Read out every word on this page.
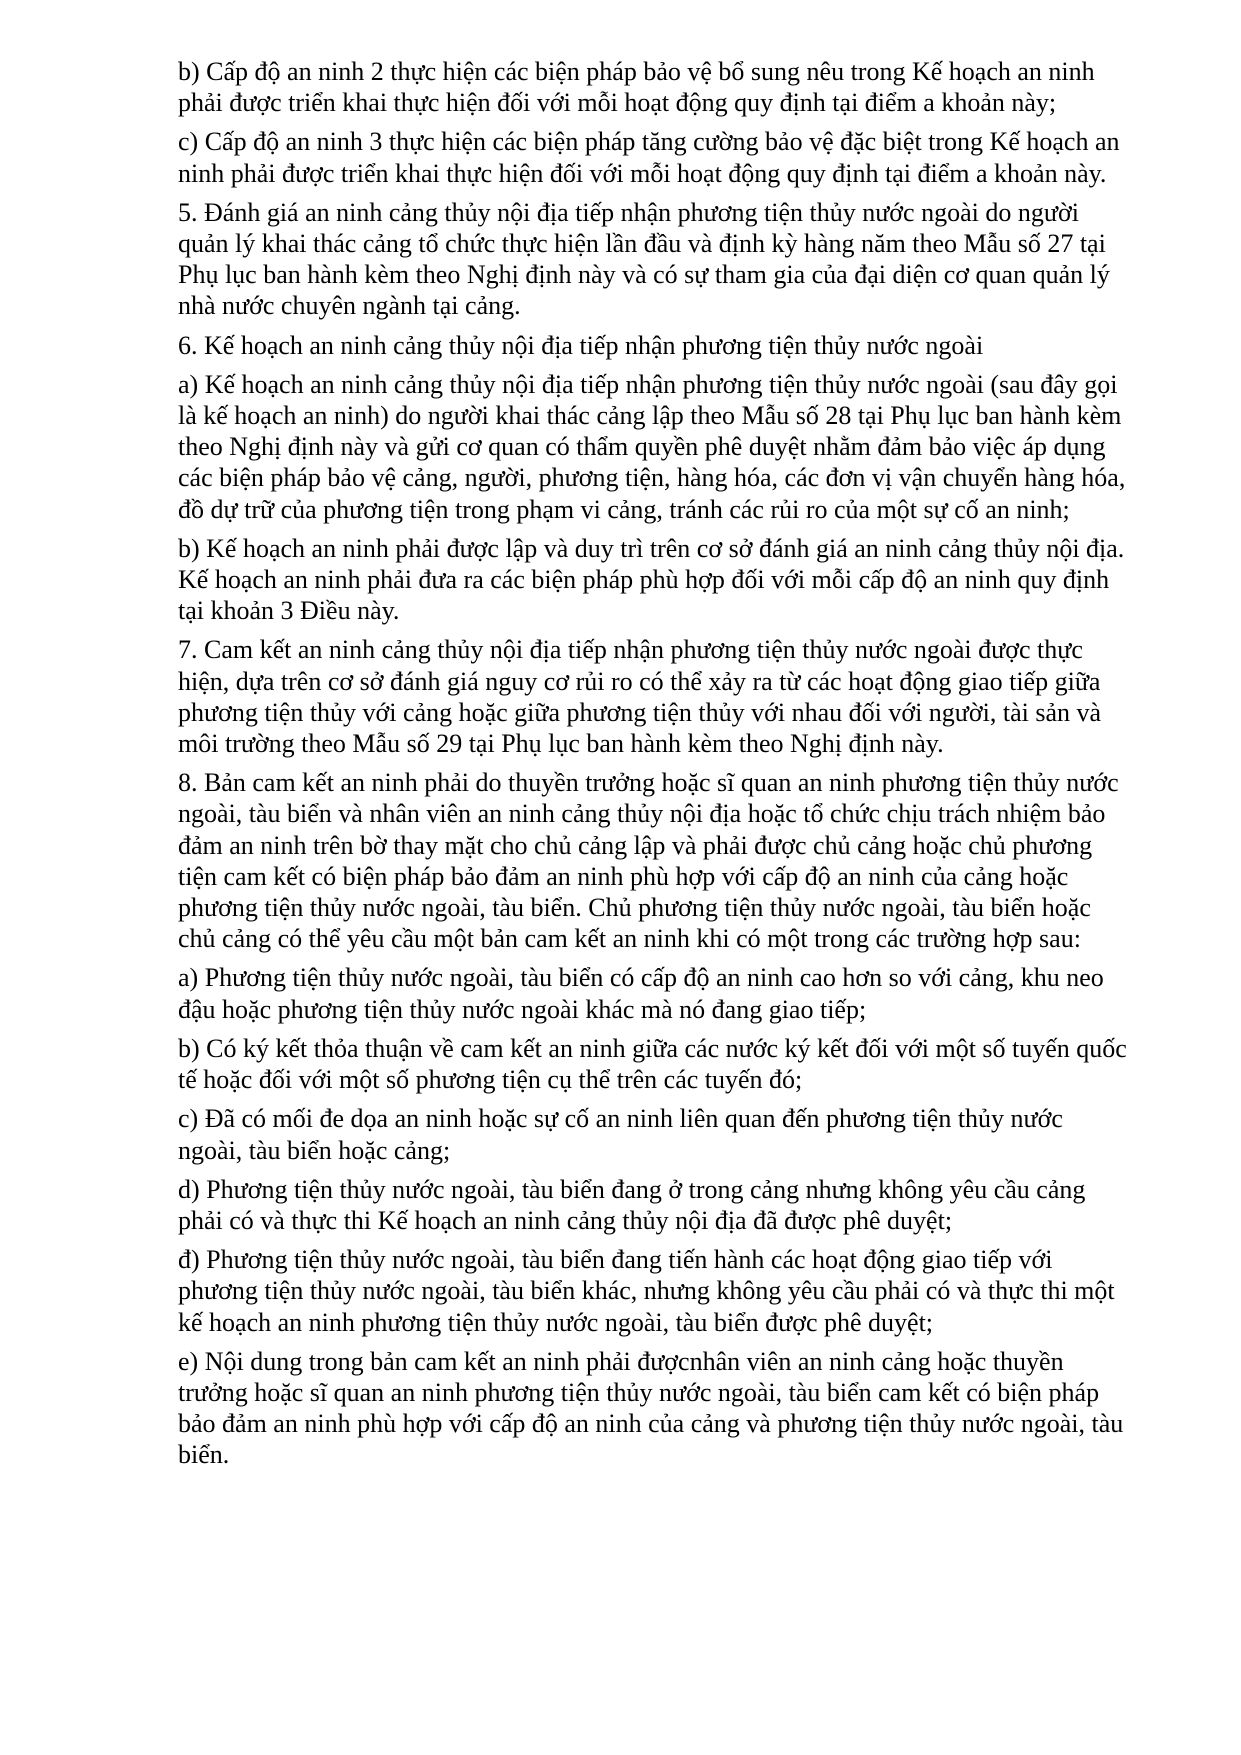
b) Cấp độ an ninh 2 thực hiện các biện pháp bảo vệ bổ sung nêu trong Kế hoạch an ninh phải được triển khai thực hiện đối với mỗi hoạt động quy định tại điểm a khoản này;

c) Cấp độ an ninh 3 thực hiện các biện pháp tăng cường bảo vệ đặc biệt trong Kế hoạch an ninh phải được triển khai thực hiện đối với mỗi hoạt động quy định tại điểm a khoản này.

5. Đánh giá an ninh cảng thủy nội địa tiếp nhận phương tiện thủy nước ngoài do người quản lý khai thác cảng tổ chức thực hiện lần đầu và định kỳ hàng năm theo Mẫu số 27 tại Phụ lục ban hành kèm theo Nghị định này và có sự tham gia của đại diện cơ quan quản lý nhà nước chuyên ngành tại cảng.

6. Kế hoạch an ninh cảng thủy nội địa tiếp nhận phương tiện thủy nước ngoài

a) Kế hoạch an ninh cảng thủy nội địa tiếp nhận phương tiện thủy nước ngoài (sau đây gọi là kế hoạch an ninh) do người khai thác cảng lập theo Mẫu số 28 tại Phụ lục ban hành kèm theo Nghị định này và gửi cơ quan có thẩm quyền phê duyệt nhằm đảm bảo việc áp dụng các biện pháp bảo vệ cảng, người, phương tiện, hàng hóa, các đơn vị vận chuyển hàng hóa, đồ dự trữ của phương tiện trong phạm vi cảng, tránh các rủi ro của một sự cố an ninh;

b) Kế hoạch an ninh phải được lập và duy trì trên cơ sở đánh giá an ninh cảng thủy nội địa. Kế hoạch an ninh phải đưa ra các biện pháp phù hợp đối với mỗi cấp độ an ninh quy định tại khoản 3 Điều này.

7. Cam kết an ninh cảng thủy nội địa tiếp nhận phương tiện thủy nước ngoài được thực hiện, dựa trên cơ sở đánh giá nguy cơ rủi ro có thể xảy ra từ các hoạt động giao tiếp giữa phương tiện thủy với cảng hoặc giữa phương tiện thủy với nhau đối với người, tài sản và môi trường theo Mẫu số 29 tại Phụ lục ban hành kèm theo Nghị định này.

8. Bản cam kết an ninh phải do thuyền trưởng hoặc sĩ quan an ninh phương tiện thủy nước ngoài, tàu biển và nhân viên an ninh cảng thủy nội địa hoặc tổ chức chịu trách nhiệm bảo đảm an ninh trên bờ thay mặt cho chủ cảng lập và phải được chủ cảng hoặc chủ phương tiện cam kết có biện pháp bảo đảm an ninh phù hợp với cấp độ an ninh của cảng hoặc phương tiện thủy nước ngoài, tàu biển. Chủ phương tiện thủy nước ngoài, tàu biển hoặc chủ cảng có thể yêu cầu một bản cam kết an ninh khi có một trong các trường hợp sau:

a) Phương tiện thủy nước ngoài, tàu biển có cấp độ an ninh cao hơn so với cảng, khu neo đậu hoặc phương tiện thủy nước ngoài khác mà nó đang giao tiếp;

b) Có ký kết thỏa thuận về cam kết an ninh giữa các nước ký kết đối với một số tuyến quốc tế hoặc đối với một số phương tiện cụ thể trên các tuyến đó;

c) Đã có mối đe dọa an ninh hoặc sự cố an ninh liên quan đến phương tiện thủy nước ngoài, tàu biển hoặc cảng;

d) Phương tiện thủy nước ngoài, tàu biển đang ở trong cảng nhưng không yêu cầu cảng phải có và thực thi Kế hoạch an ninh cảng thủy nội địa đã được phê duyệt;

đ) Phương tiện thủy nước ngoài, tàu biển đang tiến hành các hoạt động giao tiếp với phương tiện thủy nước ngoài, tàu biển khác, nhưng không yêu cầu phải có và thực thi một kế hoạch an ninh phương tiện thủy nước ngoài, tàu biển được phê duyệt;

e) Nội dung trong bản cam kết an ninh phải đượcnhân viên an ninh cảng hoặc thuyền trưởng hoặc sĩ quan an ninh phương tiện thủy nước ngoài, tàu biển cam kết có biện pháp bảo đảm an ninh phù hợp với cấp độ an ninh của cảng và phương tiện thủy nước ngoài, tàu biển.
